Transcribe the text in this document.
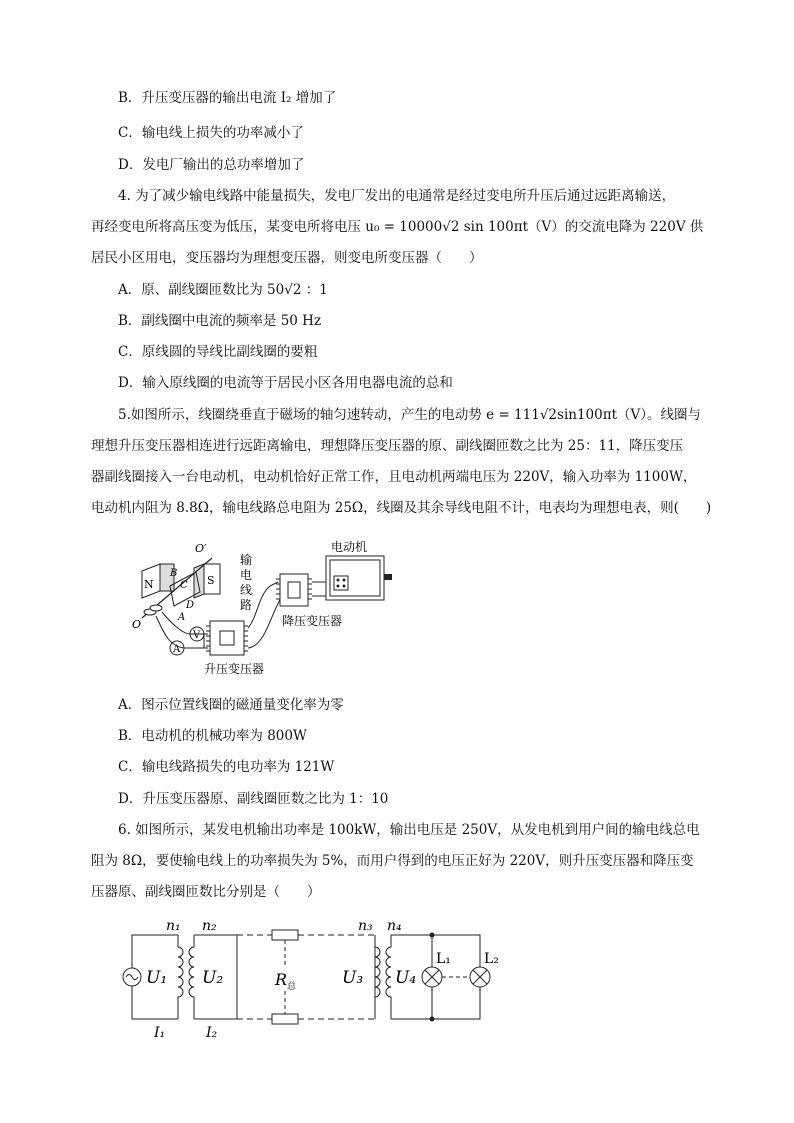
B．升压变压器的输出电流 I₂ 增加了
C．输电线上损失的功率减小了
D．发电厂输出的总功率增加了
4. 为了减少输电线路中能量损失，发电厂发出的电通常是经过变电所升压后通过远距离输送，
再经变电所将高压变为低压，某变电所将电压 u₀ = 10000√2 sin 100πt（V）的交流电降为 220V 供
居民小区用电，变压器均为理想变压器，则变电所变压器（　　）
A．原、副线圈匝数比为 50√2 ：1
B．副线圈中电流的频率是 50 Hz
C．原线圆的导线比副线圈的要粗
D．输入原线圈的电流等于居民小区各用电器电流的总和
5.如图所示，线圈绕垂直于磁场的轴匀速转动，产生的电动势 e = 111√2sin100πt（V）。线圈与
理想升压变压器相连进行远距离输电，理想降压变压器的原、副线圈匝数之比为 25：11，降压变压
器副线圈接入一台电动机，电动机恰好正常工作，且电动机两端电压为 220V，输入功率为 1100W，
电动机内阻为 8.8Ω，输电线路总电阻为 25Ω，线圈及其余导线电阻不计，电表均为理想电表，则(　　)
N	S
O′
B
C
D
A
O
V
A
升压变压器
输
电
线
路
降压变压器
电动机
A．图示位置线圈的磁通量变化率为零
B．电动机的机械功率为 800W
C．输电线路损失的电功率为 121W
D．升压变压器原、副线圈匝数之比为 1：10
6. 如图所示，某发电机输出功率是 100kW，输出电压是 250V，从发电机到用户间的输电线总电
阻为 8Ω，要使输电线上的功率损失为 5%，而用户得到的电压正好为 220V，则升压变压器和降压变
压器原、副线圈匝数比分别是（　　）
U₁
n₁
I₁
n₂
U₂
I₂
R 总	U₃
n₃ n₄
U₄
L₁ L₂
